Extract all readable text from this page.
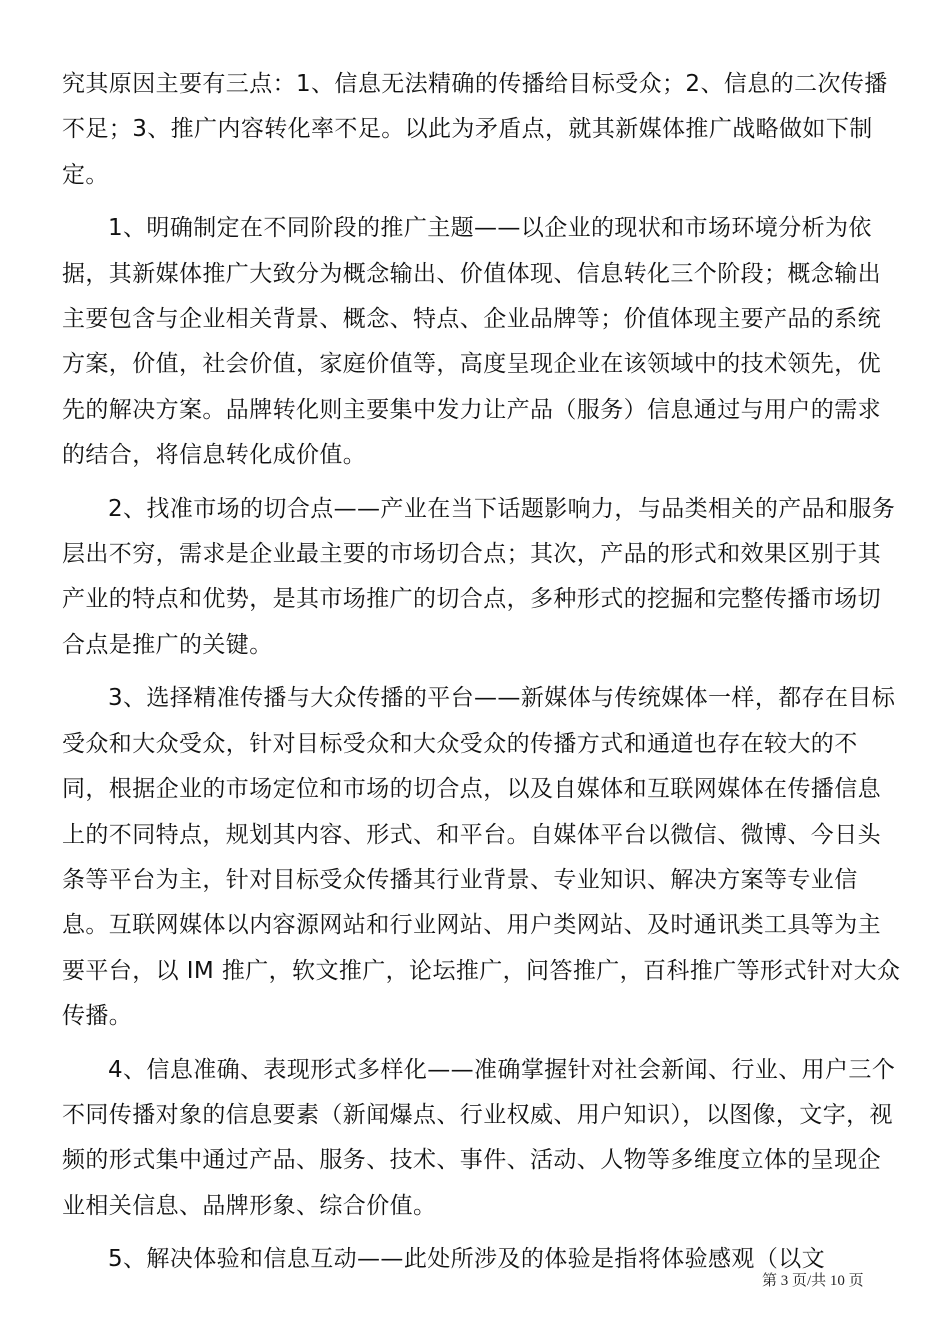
究其原因主要有三点：1、信息无法精确的传播给目标受众；2、信息的二次传播不足；3、推广内容转化率不足。以此为矛盾点，就其新媒体推广战略做如下制定。

1、明确制定在不同阶段的推广主题——以企业的现状和市场环境分析为依据，其新媒体推广大致分为概念输出、价值体现、信息转化三个阶段；概念输出主要包含与企业相关背景、概念、特点、企业品牌等；价值体现主要产品的系统方案，价值，社会价值，家庭价值等，高度呈现企业在该领域中的技术领先，优先的解决方案。品牌转化则主要集中发力让产品（服务）信息通过与用户的需求的结合，将信息转化成价值。

2、找准市场的切合点——产业在当下话题影响力，与品类相关的产品和服务层出不穷，需求是企业最主要的市场切合点；其次，产品的形式和效果区别于其产业的特点和优势，是其市场推广的切合点，多种形式的挖掘和完整传播市场切合点是推广的关键。

3、选择精准传播与大众传播的平台——新媒体与传统媒体一样，都存在目标受众和大众受众，针对目标受众和大众受众的传播方式和通道也存在较大的不同，根据企业的市场定位和市场的切合点，以及自媒体和互联网媒体在传播信息上的不同特点，规划其内容、形式、和平台。自媒体平台以微信、微博、今日头条等平台为主，针对目标受众传播其行业背景、专业知识、解决方案等专业信息。互联网媒体以内容源网站和行业网站、用户类网站、及时通讯类工具等为主要平台，以 IM 推广，软文推广，论坛推广，问答推广，百科推广等形式针对大众传播。

4、信息准确、表现形式多样化——准确掌握针对社会新闻、行业、用户三个不同传播对象的信息要素（新闻爆点、行业权威、用户知识），以图像，文字，视频的形式集中通过产品、服务、技术、事件、活动、人物等多维度立体的呈现企业相关信息、品牌形象、综合价值。

5、解决体验和信息互动——此处所涉及的体验是指将体验感观（以文

第 3 页/共 10 页
